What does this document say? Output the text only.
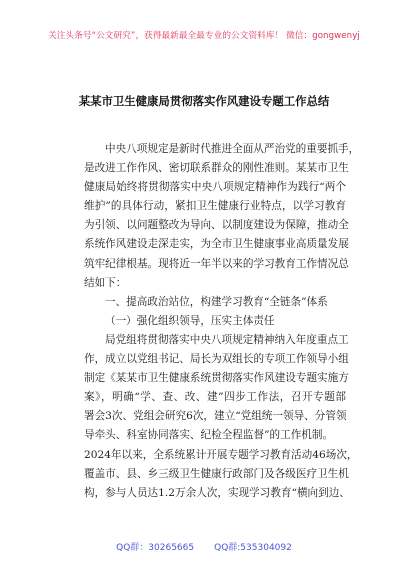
关注头条号“公文研究”，获得最新最全最专业的公文资料库！ 微信：gongwenyj
某某市卫生健康局贯彻落实作风建设专题工作总结
中央八项规定是新时代推进全面从严治党的重要抓手，
是改进工作作风、密切联系群众的刚性准则。某某市卫生
健康局始终将贯彻落实中央八项规定精神作为践行“两个
维护”的具体行动，紧扣卫生健康行业特点，以学习教育
为引领、以问题整改为导向、以制度建设为保障，推动全
系统作风建设走深走实，为全市卫生健康事业高质量发展
筑牢纪律根基。现将近一年半以来的学习教育工作情况总
结如下：
一、提高政治站位，构建学习教育“全链条”体系
（一）强化组织领导，压实主体责任
局党组将贯彻落实中央八项规定精神纳入年度重点工
作，成立以党组书记、局长为双组长的专项工作领导小组
制定《某某市卫生健康系统贯彻落实作风建设专题实施方
案》，明确“学、查、改、建”四步工作法，召开专题部
署会3次、党组会研究6次，建立“党组统一领导、分管领
导牵头、科室协同落实、纪检全程监督”的工作机制。
2024年以来，全系统累计开展专题学习教育活动46场次，
覆盖市、县、乡三级卫生健康行政部门及各级医疗卫生机
构，参与人员达1.2万余人次，实现学习教育“横向到边、
QQ群：30265665 QQ群:535304092
